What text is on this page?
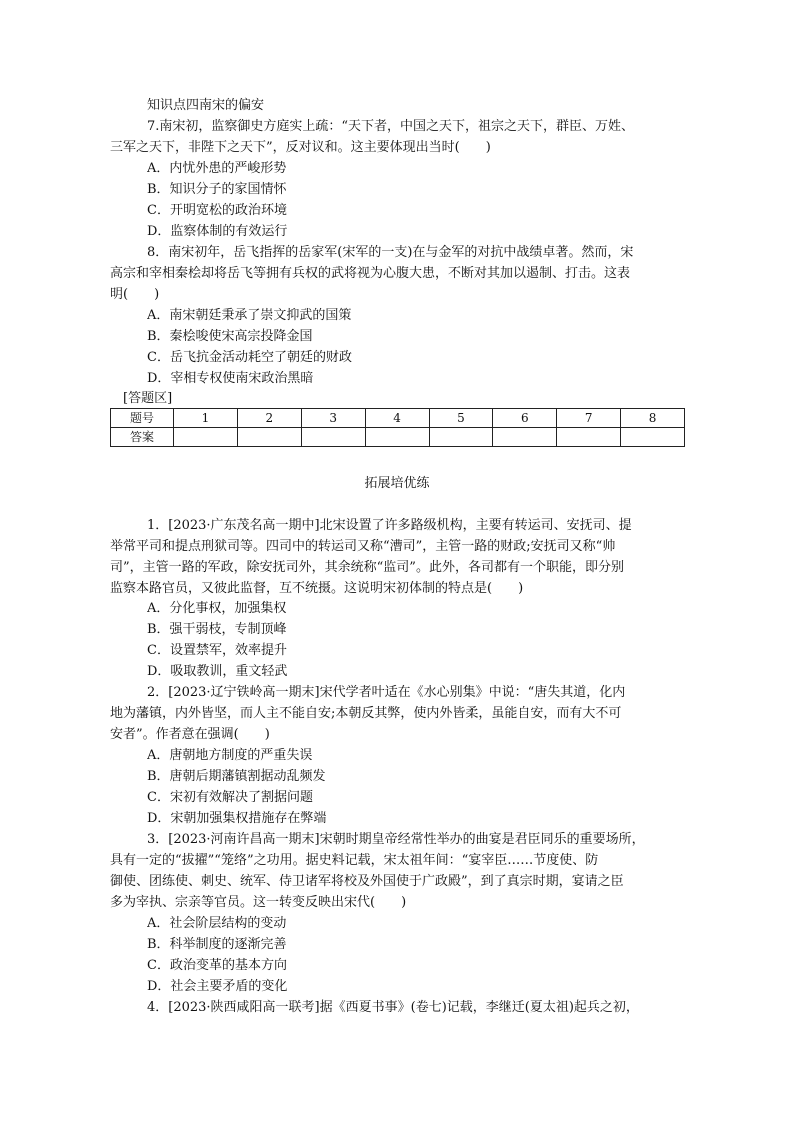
知识点四南宋的偏安
7.南宋初，监察御史方庭实上疏：“天下者，中国之天下，祖宗之天下，群臣、万姓、
三军之天下，非陛下之天下”，反对议和。这主要体现出当时(　　)
A．内忧外患的严峻形势
B．知识分子的家国情怀
C．开明宽松的政治环境
D．监察体制的有效运行
8．南宋初年，岳飞指挥的岳家军(宋军的一支)在与金军的对抗中战绩卓著。然而，宋
高宗和宰相秦桧却将岳飞等拥有兵权的武将视为心腹大患，不断对其加以遏制、打击。这表
明(　　)
A．南宋朝廷秉承了崇文抑武的国策
B．秦桧唆使宋高宗投降金国
C．岳飞抗金活动耗空了朝廷的财政
D．宰相专权使南宋政治黑暗
[答题区]
题号	1	2	3	4	5	6	7	8
答案								
拓展培优练
1．[2023·广东茂名高一期中]北宋设置了许多路级机构，主要有转运司、安抚司、提
举常平司和提点刑狱司等。四司中的转运司又称“漕司”，主管一路的财政;安抚司又称“帅
司”，主管一路的军政，除安抚司外，其余统称“监司”。此外，各司都有一个职能，即分别
监察本路官员，又彼此监督，互不统摄。这说明宋初体制的特点是(　　)
A．分化事权，加强集权
B．强干弱枝，专制顶峰
C．设置禁军，效率提升
D．吸取教训，重文轻武
2．[2023·辽宁铁岭高一期末]宋代学者叶适在《水心别集》中说：“唐失其道，化内
地为藩镇，内外皆坚，而人主不能自安;本朝反其弊，使内外皆柔，虽能自安，而有大不可
安者”。作者意在强调(　　)
A．唐朝地方制度的严重失误
B．唐朝后期藩镇割据动乱频发
C．宋初有效解决了割据问题
D．宋朝加强集权措施存在弊端
3．[2023·河南许昌高一期末]宋朝时期皇帝经常性举办的曲宴是君臣同乐的重要场所，
具有一定的“拔擢”“笼络”之功用。据史料记载，宋太祖年间：“宴宰臣……节度使、防
御使、团练使、刺史、统军、侍卫诸军将校及外国使于广政殿”，到了真宗时期，宴请之臣
多为宰执、宗亲等官员。这一转变反映出宋代(　　)
A．社会阶层结构的变动
B．科举制度的逐渐完善
C．政治变革的基本方向
D．社会主要矛盾的变化
4．[2023·陕西咸阳高一联考]据《西夏书事》(卷七)记载，李继迁(夏太祖)起兵之初，
